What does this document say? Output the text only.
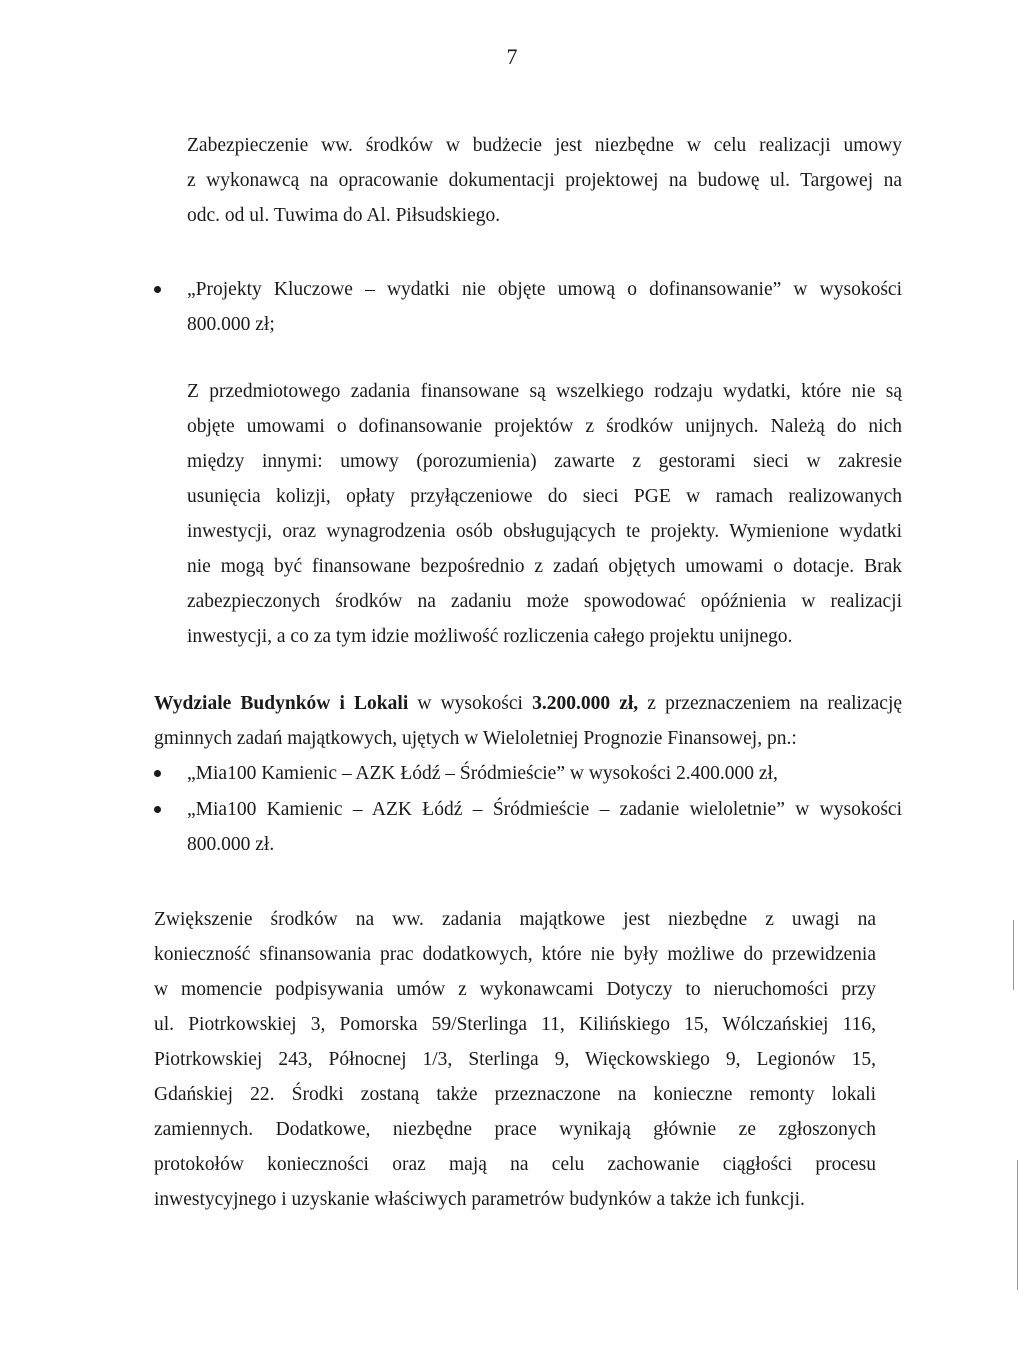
7
Zabezpieczenie ww. środków w budżecie jest niezbędne w celu realizacji umowy
z wykonawcą na opracowanie dokumentacji projektowej na budowę ul. Targowej na
odc. od ul. Tuwima do Al. Piłsudskiego.
„Projekty Kluczowe – wydatki nie objęte umową o dofinansowanie” w wysokości
800.000 zł;
Z przedmiotowego zadania finansowane są wszelkiego rodzaju wydatki, które nie są
objęte umowami o dofinansowanie projektów z środków unijnych. Należą do nich
między innymi: umowy (porozumienia) zawarte z gestorami sieci w zakresie
usunięcia kolizji, opłaty przyłączeniowe do sieci PGE w ramach realizowanych
inwestycji, oraz wynagrodzenia osób obsługujących te projekty. Wymienione wydatki
nie mogą być finansowane bezpośrednio z zadań objętych umowami o dotacje. Brak
zabezpieczonych środków na zadaniu może spowodować opóźnienia w realizacji
inwestycji, a co za tym idzie możliwość rozliczenia całego projektu unijnego.
Wydziale Budynków i Lokali w wysokości 3.200.000 zł, z przeznaczeniem na realizację
gminnych zadań majątkowych, ujętych w Wieloletniej Prognozie Finansowej, pn.:
„Mia100 Kamienic – AZK Łódź – Śródmieście” w wysokości 2.400.000 zł,
„Mia100 Kamienic – AZK Łódź – Śródmieście – zadanie wieloletnie” w wysokości
800.000 zł.
Zwiększenie środków na ww. zadania majątkowe jest niezbędne z uwagi na
konieczność sfinansowania prac dodatkowych, które nie były możliwe do przewidzenia
w momencie podpisywania umów z wykonawcami Dotyczy to nieruchomości przy
ul. Piotrkowskiej 3, Pomorska 59/Sterlinga 11, Kilińskiego 15, Wólczańskiej 116,
Piotrkowskiej 243, Północnej 1/3, Sterlinga 9, Więckowskiego 9, Legionów 15,
Gdańskiej 22. Środki zostaną także przeznaczone na konieczne remonty lokali
zamiennych. Dodatkowe, niezbędne prace wynikają głównie ze zgłoszonych
protokołów konieczności oraz mają na celu zachowanie ciągłości procesu
inwestycyjnego i uzyskanie właściwych parametrów budynków a także ich funkcji.
